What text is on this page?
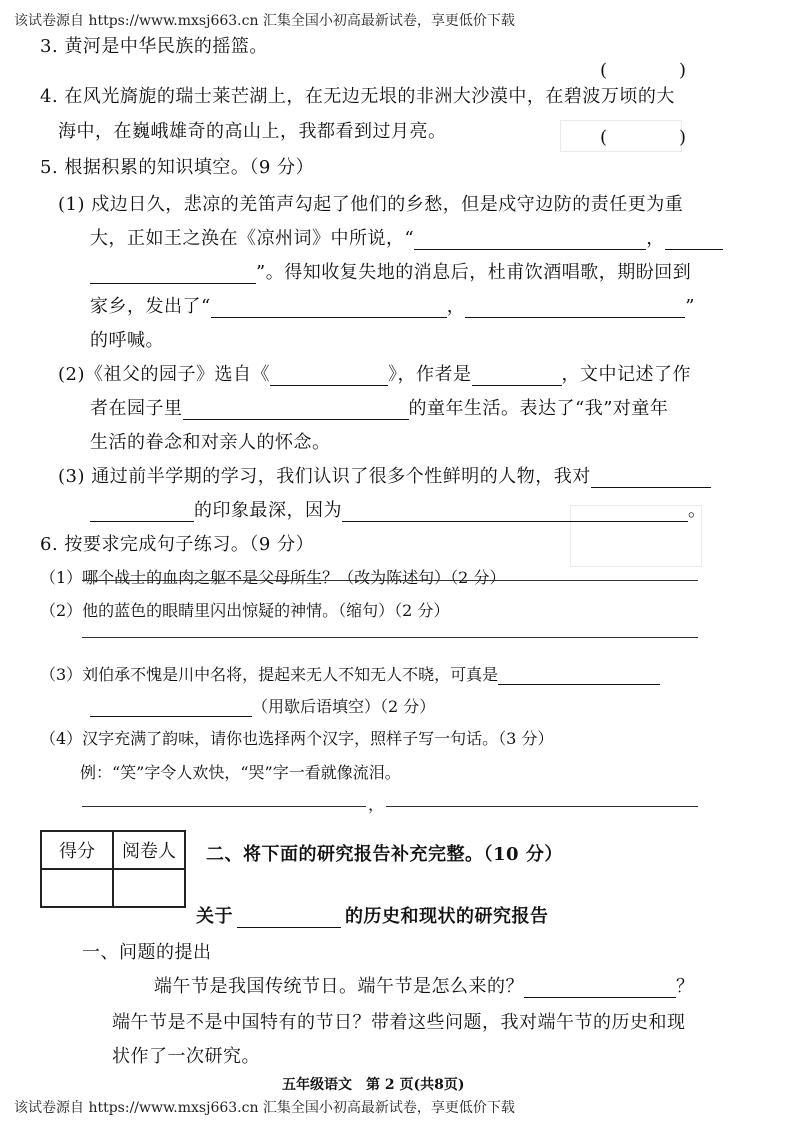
该试卷源自 https://www.mxsj663.cn 汇集全国小初高最新试卷，享更低价下载
3. 黄河是中华民族的摇篮。
(　　　　)
4. 在风光旖旎的瑞士莱芒湖上，在无边无垠的非洲大沙漠中，在碧波万顷的大
海中，在巍峨雄奇的高山上，我都看到过月亮。	(　　　　)
5. 根据积累的知识填空。（9 分）
(1) 戍边日久，悲凉的羌笛声勾起了他们的乡愁，但是戍守边防的责任更为重
大，正如王之涣在《凉州词》中所说，“	，
”。得知收复失地的消息后，杜甫饮酒唱歌，期盼回到
家乡，发出了“	，	”
的呼喊。
(2)《祖父的园子》选自《	》，作者是	，文中记述了作
者在园子里	的童年生活。表达了“我”对童年
生活的眷念和对亲人的怀念。
(3) 通过前半学期的学习，我们认识了很多个性鲜明的人物，我对
的印象最深，因为	。
6. 按要求完成句子练习。（9 分）
（1）哪个战士的血肉之躯不是父母所生？（改为陈述句）（2 分）
（2）他的蓝色的眼睛里闪出惊疑的神情。（缩句）（2 分）
（3）刘伯承不愧是川中名将，提起来无人不知无人不晓，可真是
（用歇后语填空）（2 分）
（4）汉字充满了韵味，请你也选择两个汉字，照样子写一句话。（3 分）
例：“笑”字令人欢快，“哭”字一看就像流泪。
，
得分	阅卷人
	二、将下面的研究报告补充完整。（10 分）
关于	的历史和现状的研究报告
一、问题的提出
端午节是我国传统节日。端午节是怎么来的？	？
端午节是不是中国特有的节日？带着这些问题，我对端午节的历史和现
状作了一次研究。
五年级语文　第 2 页(共8页)
该试卷源自 https://www.mxsj663.cn 汇集全国小初高最新试卷，享更低价下载
